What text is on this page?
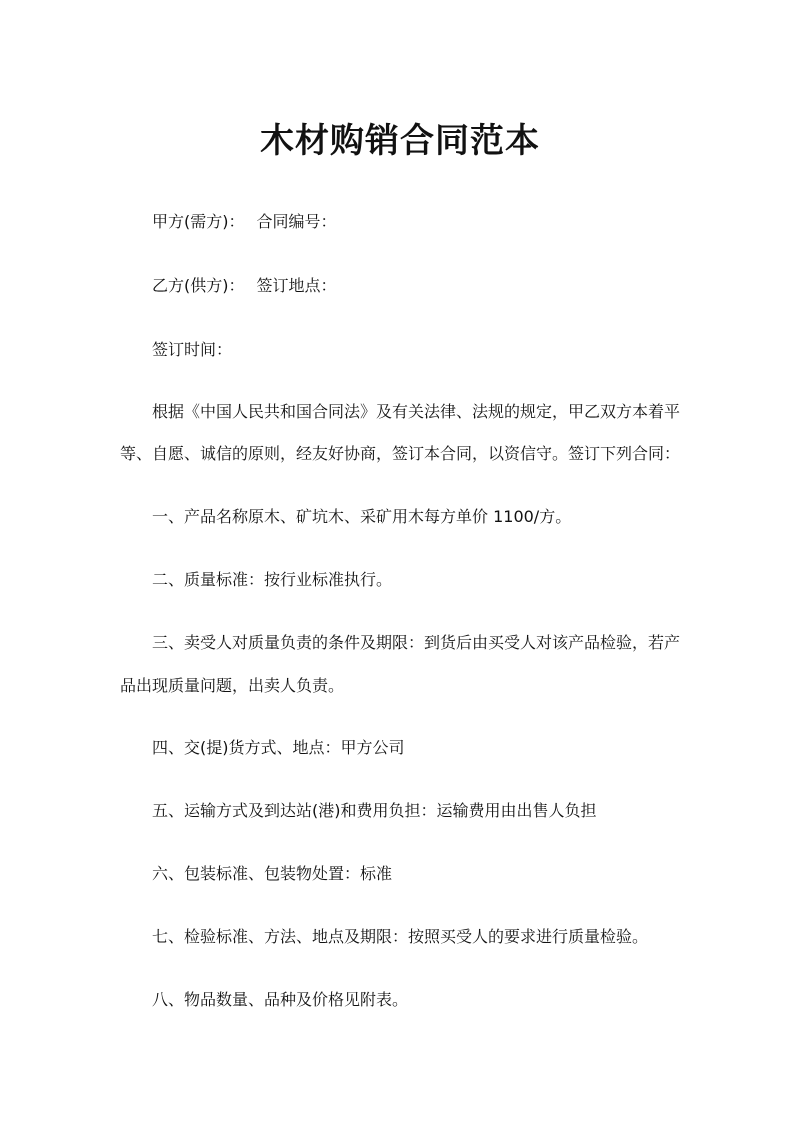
木材购销合同范本

甲方(需方)： 合同编号：

乙方(供方)： 签订地点：

签订时间：

根据《中国人民共和国合同法》及有关法律、法规的规定，甲乙双方本着平

等、自愿、诚信的原则，经友好协商，签订本合同，以资信守。签订下列合同：

一、产品名称原木、矿坑木、采矿用木每方单价 1100/方。

二、质量标准：按行业标准执行。

三、卖受人对质量负责的条件及期限：到货后由买受人对该产品检验，若产

品出现质量问题，出卖人负责。

四、交(提)货方式、地点：甲方公司

五、运输方式及到达站(港)和费用负担：运输费用由出售人负担

六、包装标准、包装物处置：标准

七、检验标准、方法、地点及期限：按照买受人的要求进行质量检验。

八、物品数量、品种及价格见附表。
